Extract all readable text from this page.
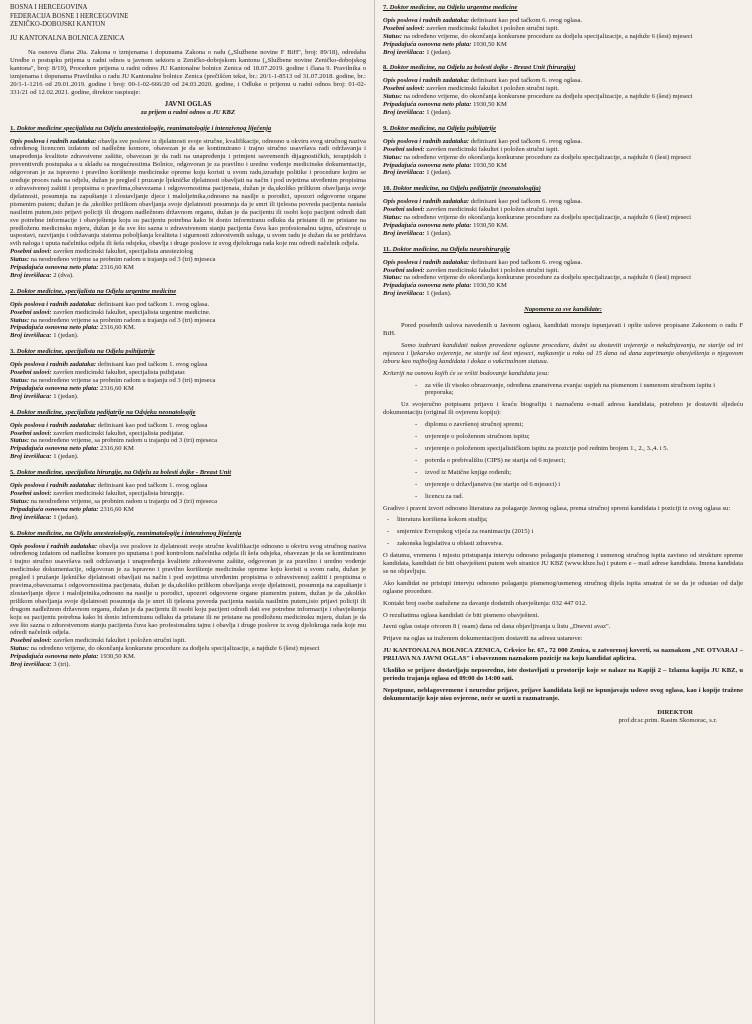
BOSNA I HERCEGOVINA
FEDERACIJA BOSNE I HERCEGOVINE
ZENIČKO-DOBOJSKI KANTON
JU KANTONALNA BOLNICA ZENICA

Na osnovu člana 20a. Zakona o izmjenama i dopunama Zakona o radu („Službene novine F BiH", broj: 89/18), odredaba Uredbe o postupku prijema u radni odnos u javnom sektoru u Zeničko-dobojskom kantonu („Službene novine Zeničko-dobojskog kantona", broj: 8/19), Procedure prijema u radni odnos JU Kantonalne bolnice Zenica od 18.07.2019. godine i člana 9. Pravilnika o izmjenama i dopunama Pravilnika o radu JU Kantonalne bolnice Zenica (prečišćen tekst, br.: 20/1-1-8513 od 31.07.2018. godine, br.: 20/1-1-1216 od 29.01.2019. godine i broj: 00-1-02-666/20 od 24.03.2020. godine, i Odluke o prijemu u radni odnos broj: 01-02-331/21 od 12.02.2021. godine, direktor raspisuje:

JAVNI OGLAS
za prijem u radni odnos u JU KBZ
1. Doktor medicine specijalista na Odjelu anesteziologije, reanimatologije i intenzivnog liječenja
Opis poslova i radnih zadataka: obavlja sve poslove iz djelatnosti svoje stručne, kvalifikacije, odnosno u okviru svog stručnog naziva određenog licencom izdatom od nadležne komore, obavezan je da se kontinuirano i trajno stručno usavršava radi održavanja i unapređenja kvalitete zdravstvene zaštite, obavezan je da radi na unapređenju i primjeni savremenih dijagnostičkih, terapijskih i preventivnih postupaka a u skladu sa mogućnostima Bolnice, odgovoran je za pravilno i uredno vođenje medicinske dokumentacije, odgovoran je za ispravno i pravilno korištenje medicinske opreme koju koristi u svom radu,izraduje politike i procedure kojim se uređuje proces rada na odjelu, dužan je pregled i pruzanje ljekničke djelatnosti obavljati na način i pod uvjetima utvrđenim propisima o zdravstvenoj zaštiti i propisima o pravfima,obavezama i odgovornostima pacijenata, dužan je da,ukoliko prilikom obavljanja svoje djelatnosti, posumnja na zapuštanje i zlostavljanje djece i maloljetnika,odnosno na nasilje u porodici, upozori odgovorne organe pismenim putem; dužan je da ,ukoliko prilikom obavljanja svoje djelatnosti posumnja da je smrt ili tjelesna povreda pacijenta nastala nasilnim putem,isto prijavi policiji ili drugom nadležnom državnom organu, dužan je da pacijentu ili osobi koju pacijent odredi dati sve potrebne informacije i obavještenja koju su pacijentu potrebna kako bi donio informiranu odluku da pristane ili ne pristane na predloženu medicinsku mjeru, dužan je da sve što sazna o zdravstvenom stanju pacijenta čuva kao profesionalnu tajnu, učestvuje u uspostavi, razvijanju i održavanju sistema poboljšanja kvaliteta i sigurnosti zdravstvenih usluga, u svom radu je dužan da se pridržava svih naloga i uputa načelnika odjela ili šefa odsjeka, obavlja i druge poslove iz svog djelokruga rada koje mu odredi načelnik odjela.
Posebni uslovi: završen medicinski fakultet, specijalista anesteziolog
Status: na neodređeno vrijeme sa probnim radom u trajanju od 3 (tri) mjeseca
Pripadajuća osnovna neto plata: 2316,60 KM
Broj izvršilaca: 2 (dva).
2. Doktor medicine, specijalista na Odjelu urgentne medicine
Opis poslova i radnih zadataka: definisani kao pod tačkom 1. ovog oglasa.
Posebni uslovi: završen medicinski fakultet, specijalista urgentne medicine.
Status: na neodređeno vrijeme sa probnim radom u trajanju od 3 (tri) mjeseca
Pripadajuća osnovna neto plata: 2316,60 KM.
Broj izvršilaca: 1 (jedan).
3. Doktor medicine, specijalista na Odjelu psihijatrije
Opis poslova i radnih zadataka: definisani kao pod tačkom 1. ovog oglasa
Posebni uslovi: završen medicinski fakultet, specijalista psihijatar.
Status: na neodređeno vrijeme sa probnim radom u trajanju od 3 (tri) mjeseca
Pripadajuća osnovna neto plata: 2316,60 KM
Broj izvršilaca: 1 (jedan).
4. Doktor medicine, specijalista pedijatrije na Odsjeku neonatologije
Opis poslova i radnih zadataka: definisani kao pod tačkom 1. ovog oglasa
Posebni uslovi: završen medicinski fakultet, specijalista pedijatar.
Status: na neodređeno vrijeme, sa probnim radom u trajanju od 3 (tri) mjeseca
Pripadajuća osnovna neto plata: 2316,60 KM
Broj izvršilaca: 1 (jedan).
5. Doktor medicine, specijalista hirurgije, na Odjelu za bolesti dojke - Breast Unit
Opis poslova i radnih zadataka: definisani kao pod tačkom 1. ovog oglasa
Posebni uslovi: završen medicinski fakultet, specijalista hirurgije.
Status: na neodređeno vrijeme, sa probnim radom u trajanju od 3 (tri) mjeseca
Pripadajuća osnovna neto plata: 2316,60 KM
Broj izvršilaca: 1 (jedan).
6. Doktor medicine, na Odjelu anesteziologije, reanimatologije i intenzivnog liječenja
Opis poslova i radnih zadataka: obavlja sve poslove iz djelatnosti svoje stručne kvalifikacije odnosno u okviru svog stručnog naziva određenog izdatom od nadležne komore po uputama i pod kontrolom načelnika odjela ili šefa odsjeka, obavezan je da se kontinuirano i trajno stručno usavršava radi održavanja i unapređenja kvalitete zdravstvene zaštite, odgovoran je za pravilno i uredno vođenje medicinske dokumentacije, odgovoran je za ispravno i pravilno korištenje medicinske opreme koju koristi u svom radu, dužan je pregled i pružanje ljekničke djelatnosti obavljati na način i pod uvjetima utvrđenim propisima o zdravstvenoj zaštiti i propisima o pravima,obavezama i odgovornostima pacijenata, dužan je da,ukoliko prilikom obavljanja svoje djelatnosti, posumnja na zapuštanje i zlostavljanje djece i maloljetnika,odnosno na nasilje u porodici, upozori odgovorne organe pismenim putem, dužan je da ,ukoliko prilikom obavljanja svoje djelatnosti posumnja da je smrt ili tjelesna povreda pacijenta nastala nasilnim putem,isto prijavi policiji ili drugom nadležnom državnom organu, dužan je da pacijentu ili osobi koju pacijent odredi dati sve potrebne informacije i obavještenja koju su pacijentu potrebna kako bi donio informiranu odluku da pristane ili ne pristane na predloženu medicinsku mjeru, dužan je da sve što sazna o zdravstvenom stanju pacijenta čuva kao profesionalnu tajnu i obavlja i druge poslove iz svog djelokruga rada koje mu odredi načelnik odjela.
Posebni uslovi: završen medicinski fakultet i položen stručni ispit.
Status: na određeno vrijeme, do okončanja konkursne procedure za dodjelu specijalizacije, a najduže 6 (šest) mjeseci
Pripadajuća osnovna neto plata: 1930,50 KM.
Broj izvršilaca: 3 (tri).
7. Doktor medicine, na Odjelu urgentne medicine
Opis poslova i radnih zadataka: definisani kao pod tačkom 6. ovog oglasa.
Posebni uslovi: završen medicinski fakultet i položen stručni ispit.
Status: na određeno vrijeme, do okončanja konkursne procedure za dodjelu specijalizacije, a najduže 6 (šest) mjeseci
Pripadajuća osnovna neto plata: 1930,50 KM
Broj izvršilaca: 1 (jedan).
8. Doktor medicine, na Odjelu za bolesti dojke - Breast Unit (hirurgija)
Opis poslova i radnih zadataka: definisani kao pod tačkom 6. ovog oglasa.
Posebni uslovi: završen medicinski fakultet i položen stručni ispit.
Status: na određeno vrijeme, do okončanja konkursne procedure za dodjelu specijalizacije, a najduže 6 (šest) mjeseci
Pripadajuća osnovna neto plata: 1930,50 KM
Broj izvršilaca: 1 (jedan).
9. Doktor medicine, na Odjelu psihijatrije
Opis poslova i radnih zadataka: definisani kao pod tačkom 6. ovog oglasa.
Posebni uslovi: završen medicinski fakultet i položen stručni ispit.
Status: na određeno vrijeme do okončanja konkursne procedure za dodjelu specijalizacije, a najduže 6 (šest) mjeseci
Pripadajuća osnovna neto plata: 1930,50 KM
Broj izvršilaca: 1 (jedan).
10. Doktor medicine, na Odjelu pedijatrije (neonatologija)
Opis poslova i radnih zadataka: definisani kao pod tačkom 6. ovog oglasa.
Posebni uslovi: završen medicinski fakultet i položen stručni ispit.
Status: na određeno vrijeme do okončanja konkursne procedure za dodjelu specijalizacije, a najduže 6 (šest) mjeseci
Pripadajuća osnovna neto plata: 1930,50 KM.
Broj izvršilaca: 1 (jedan).
11. Doktor medicine, na Odjelu neurohirurgije
Opis poslova i radnih zadataka: definisani kao pod tačkom 6. ovog oglasa.
Posebni uslovi: završen medicinski fakultet i položen stručni ispit.
Status: na određeno vrijeme do okončanja konkursne procedure za dodjelu specijalizacije, a najduže 6 (šest) mjeseci
Pripadajuća osnovna neto plata: 1930,50 KM
Broj izvršilaca: 1 (jedan).
Napomena za sve kandidate:

Pored posebnih uslova navedenih u Javnom oglasu, kandidati moraju ispunjavati i opšte uslove propisane Zakonom o radu F BiH.

Samo izabrani kandidati nakon provedene oglasne procedure, dužni su dostaviti uvjerenje o nekažnjavanju, ne starije od tri mjeseca i ljekarsko uvjerenje, ne starije od šest mjeseci, najkasnije u roku od 15 dana od dana zaprimanja obavještenja o njegovom izboru kao najboljeg kandidata i dokaz o vakcinalnom statusu.

Kriteriji na osnovu kojih će se vršiti bodovanje kandidata jesu:

- za više ili visoko obrazovanje, određena znanstvena zvanja: uspjeh na pismenom i usmenom stručnom ispitu i preporuka;

Uz svojeručno potpisanu prijavu i kraću biografiju i naznačenu e-mail adresu kandidata, potrebno je dostaviti sljedeću dokumentaciju (original ili ovjerenu kopiju):

- diplomu o završenoj stručnoj spremi;
- uvjerenje o položenom stručnom ispitu;
- uvjerenje o položenom specijalističkom ispitu za pozicije pod rednim brojem 1., 2., 3.,4. i 5.
- potvrda o prebivalištu (CIPS) ne starija od 6 mjeseci;
- izvod iz Matične knjige rođenih;
- uvjerenje o državljanstvu (ne starije od 6 mjeseci) i
- licencu za rad.

Gradivo i pravni izvori odnosno literatura za polaganje Javnog oglasa, prema stručnoj spremi kandidata i poziciji iz ovog oglasa su:

- literatura korištena kokom studija;
- smjernice Evropskog vijeća za reanimaciju (2015) i
- zakonska legislativa u oblasti zdravstva.

O datumu, vremenu i mjestu pristupanja intervju odnosno polaganju pismenog i usmenog stručnog ispita zavisno od strukture spreme kandidata, kandidati će biti obavješteni putem web stranice JU KBZ (www.kbze.ba) i putem e – mail adrese kandidata. Imena kandidata se ne objavljuju.

Ako kandidat ne pristupi intervju odnosno polaganju pismenog/usmenog stručnog dijela ispita smatrat će se da je odustao od dalje oglasne procedure.

Kontakt broj osobe zadužene za davanje dodatnih obavještenja: 032 447 012.

O rezultatima oglasa kandidati će biti pismeno obavješteni.

Javni oglas ostaje otvoren 8 ( osam) dana od dana objavljivanja u listu „Dnevni avaz".

Prijave na oglas sa traženom dokumentacijom dostaviti na adresu ustanove:

JU KANTONALNA BOLNICA ZENICA, Crkvice br. 67., 72 000 Zenica, u zatvorenoj koverti, sa naznakom „NE OTVARAJ – PRIJAVA NA JAVNI OGLAS" i obaveznom naznakom pozicije na koju kandidat aplicira.

Ukoliko se prijave dostavljaju neposredno, iste dostavljati u prostorije koje se nalaze na Kapiji 2 – Izlazna kapija JU KBZ, u periodu trajanja oglasa od 09:00 do 14:00 sati.

Nepotpune, neblagovremene i neuredne prijave, prijave kandidata koji ne ispunjavaju uslove ovog oglasa, kao i kopije tražene dokumentacije koje nisu ovjerene, neće se uzeti u razmatranje.

DIREKTOR
prof.dr.sc.prim. Rasim Skomorac, s.r.
